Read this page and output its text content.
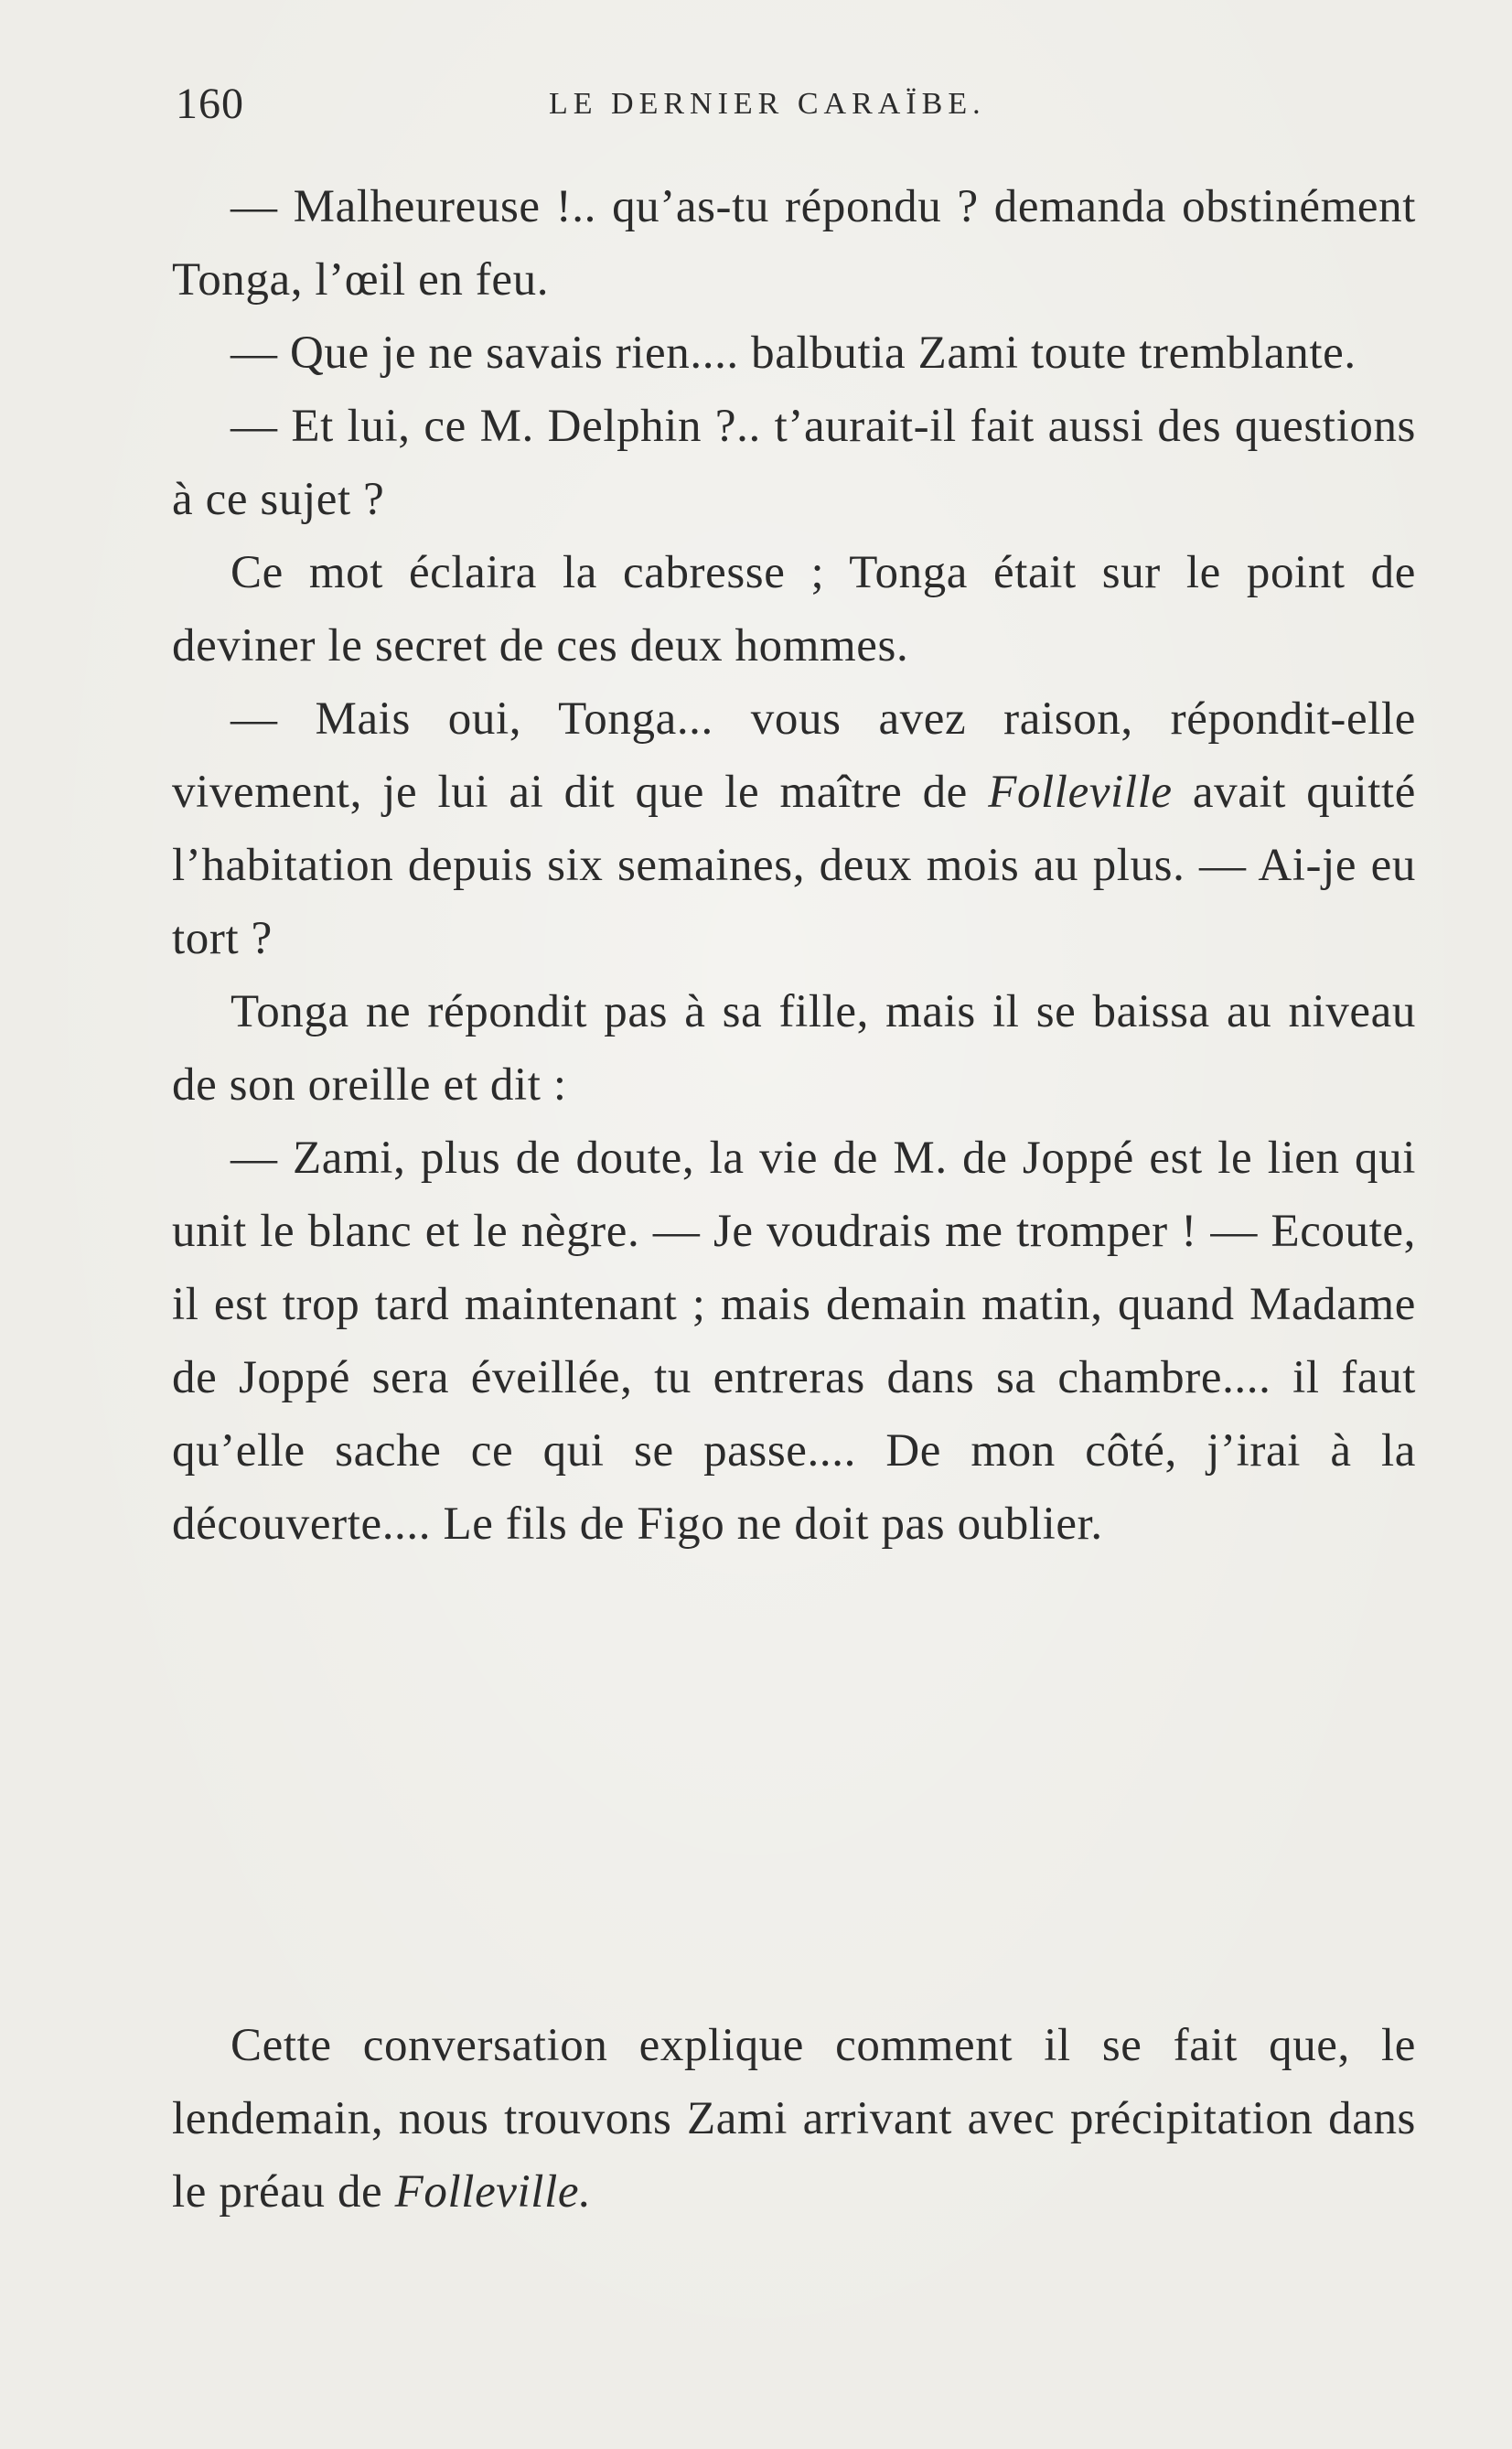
160	LE DERNIER CARAÏBE.

— Malheureuse !.. qu’as-tu répondu ? demanda obstinément Tonga, l’œil en feu.

— Que je ne savais rien.... balbutia Zami toute tremblante.

— Et lui, ce M. Delphin ?.. t’aurait-il fait aussi des questions à ce sujet ?

Ce mot éclaira la cabresse ; Tonga était sur le point de deviner le secret de ces deux hommes.

— Mais oui, Tonga... vous avez raison, répondit-elle vivement, je lui ai dit que le maître de Folleville avait quitté l’habitation depuis six semaines, deux mois au plus. — Ai-je eu tort ?

Tonga ne répondit pas à sa fille, mais il se baissa au niveau de son oreille et dit :

— Zami, plus de doute, la vie de M. de Joppé est le lien qui unit le blanc et le nègre. — Je voudrais me tromper ! — Ecoute, il est trop tard maintenant ; mais demain matin, quand Madame de Joppé sera éveillée, tu entreras dans sa chambre.... il faut qu’elle sache ce qui se passe.... De mon côté, j’irai à la découverte.... Le fils de Figo ne doit pas oublier.

Cette conversation explique comment il se fait que, le lendemain, nous trouvons Zami arrivant avec précipitation dans le préau de Folleville.
